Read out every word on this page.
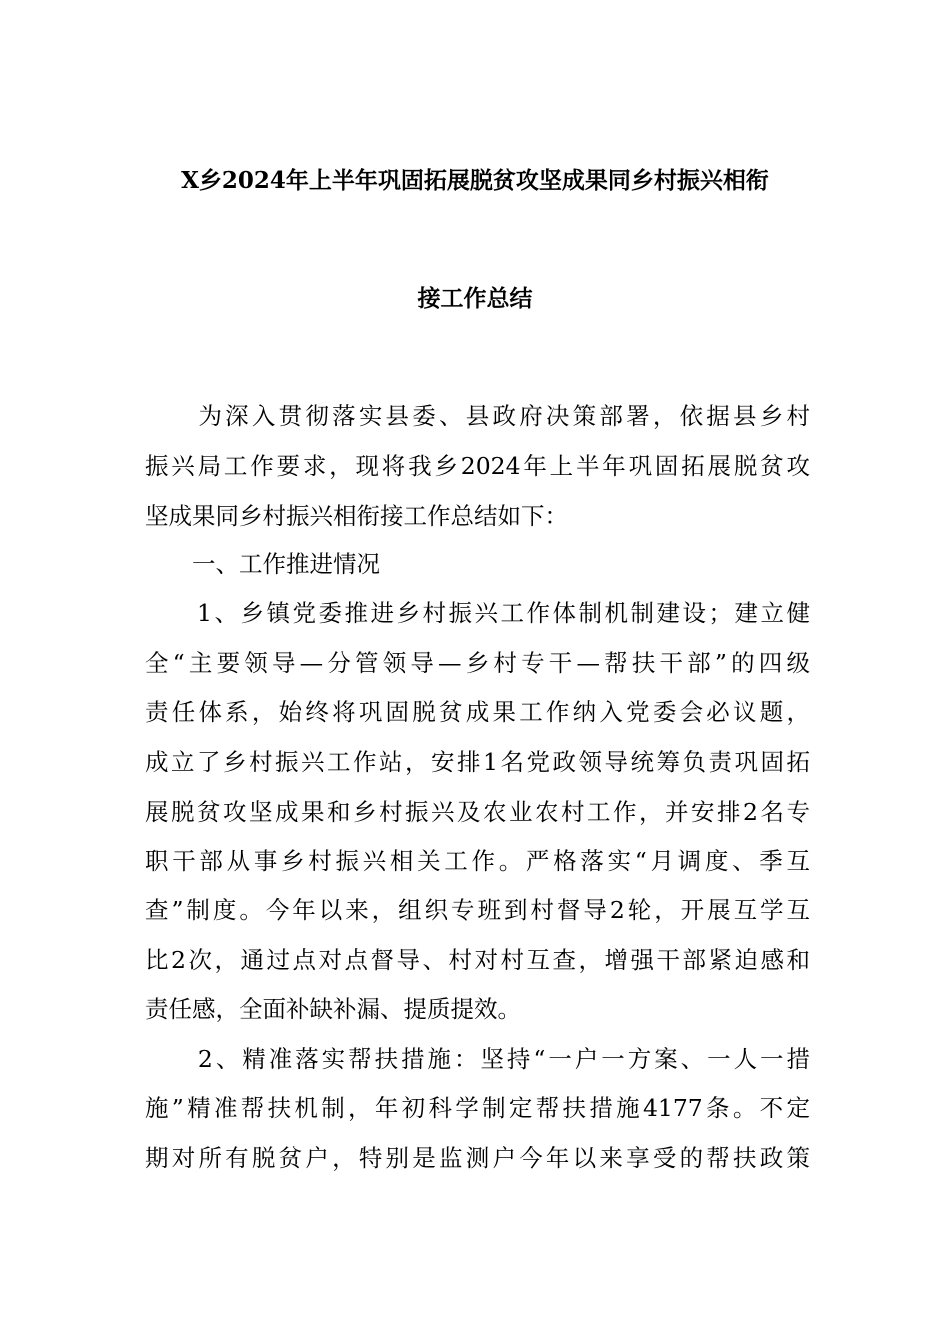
X乡2024年上半年巩固拓展脱贫攻坚成果同乡村振兴相衔
接工作总结
　　为深入贯彻落实县委、县政府决策部署，依据县乡村
振兴局工作要求，现将我乡2024年上半年巩固拓展脱贫攻
坚成果同乡村振兴相衔接工作总结如下：
　　一、工作推进情况
　　1、乡镇党委推进乡村振兴工作体制机制建设；建立健
全“主要领导—分管领导—乡村专干—帮扶干部”的四级
责任体系，始终将巩固脱贫成果工作纳入党委会必议题，
成立了乡村振兴工作站，安排1名党政领导统筹负责巩固拓
展脱贫攻坚成果和乡村振兴及农业农村工作，并安排2名专
职干部从事乡村振兴相关工作。严格落实“月调度、季互
查”制度。今年以来，组织专班到村督导2轮，开展互学互
比2次，通过点对点督导、村对村互查，增强干部紧迫感和
责任感，全面补缺补漏、提质提效。
　　2、精准落实帮扶措施：坚持“一户一方案、一人一措
施”精准帮扶机制，年初科学制定帮扶措施4177条。不定
期对所有脱贫户，特别是监测户今年以来享受的帮扶政策
